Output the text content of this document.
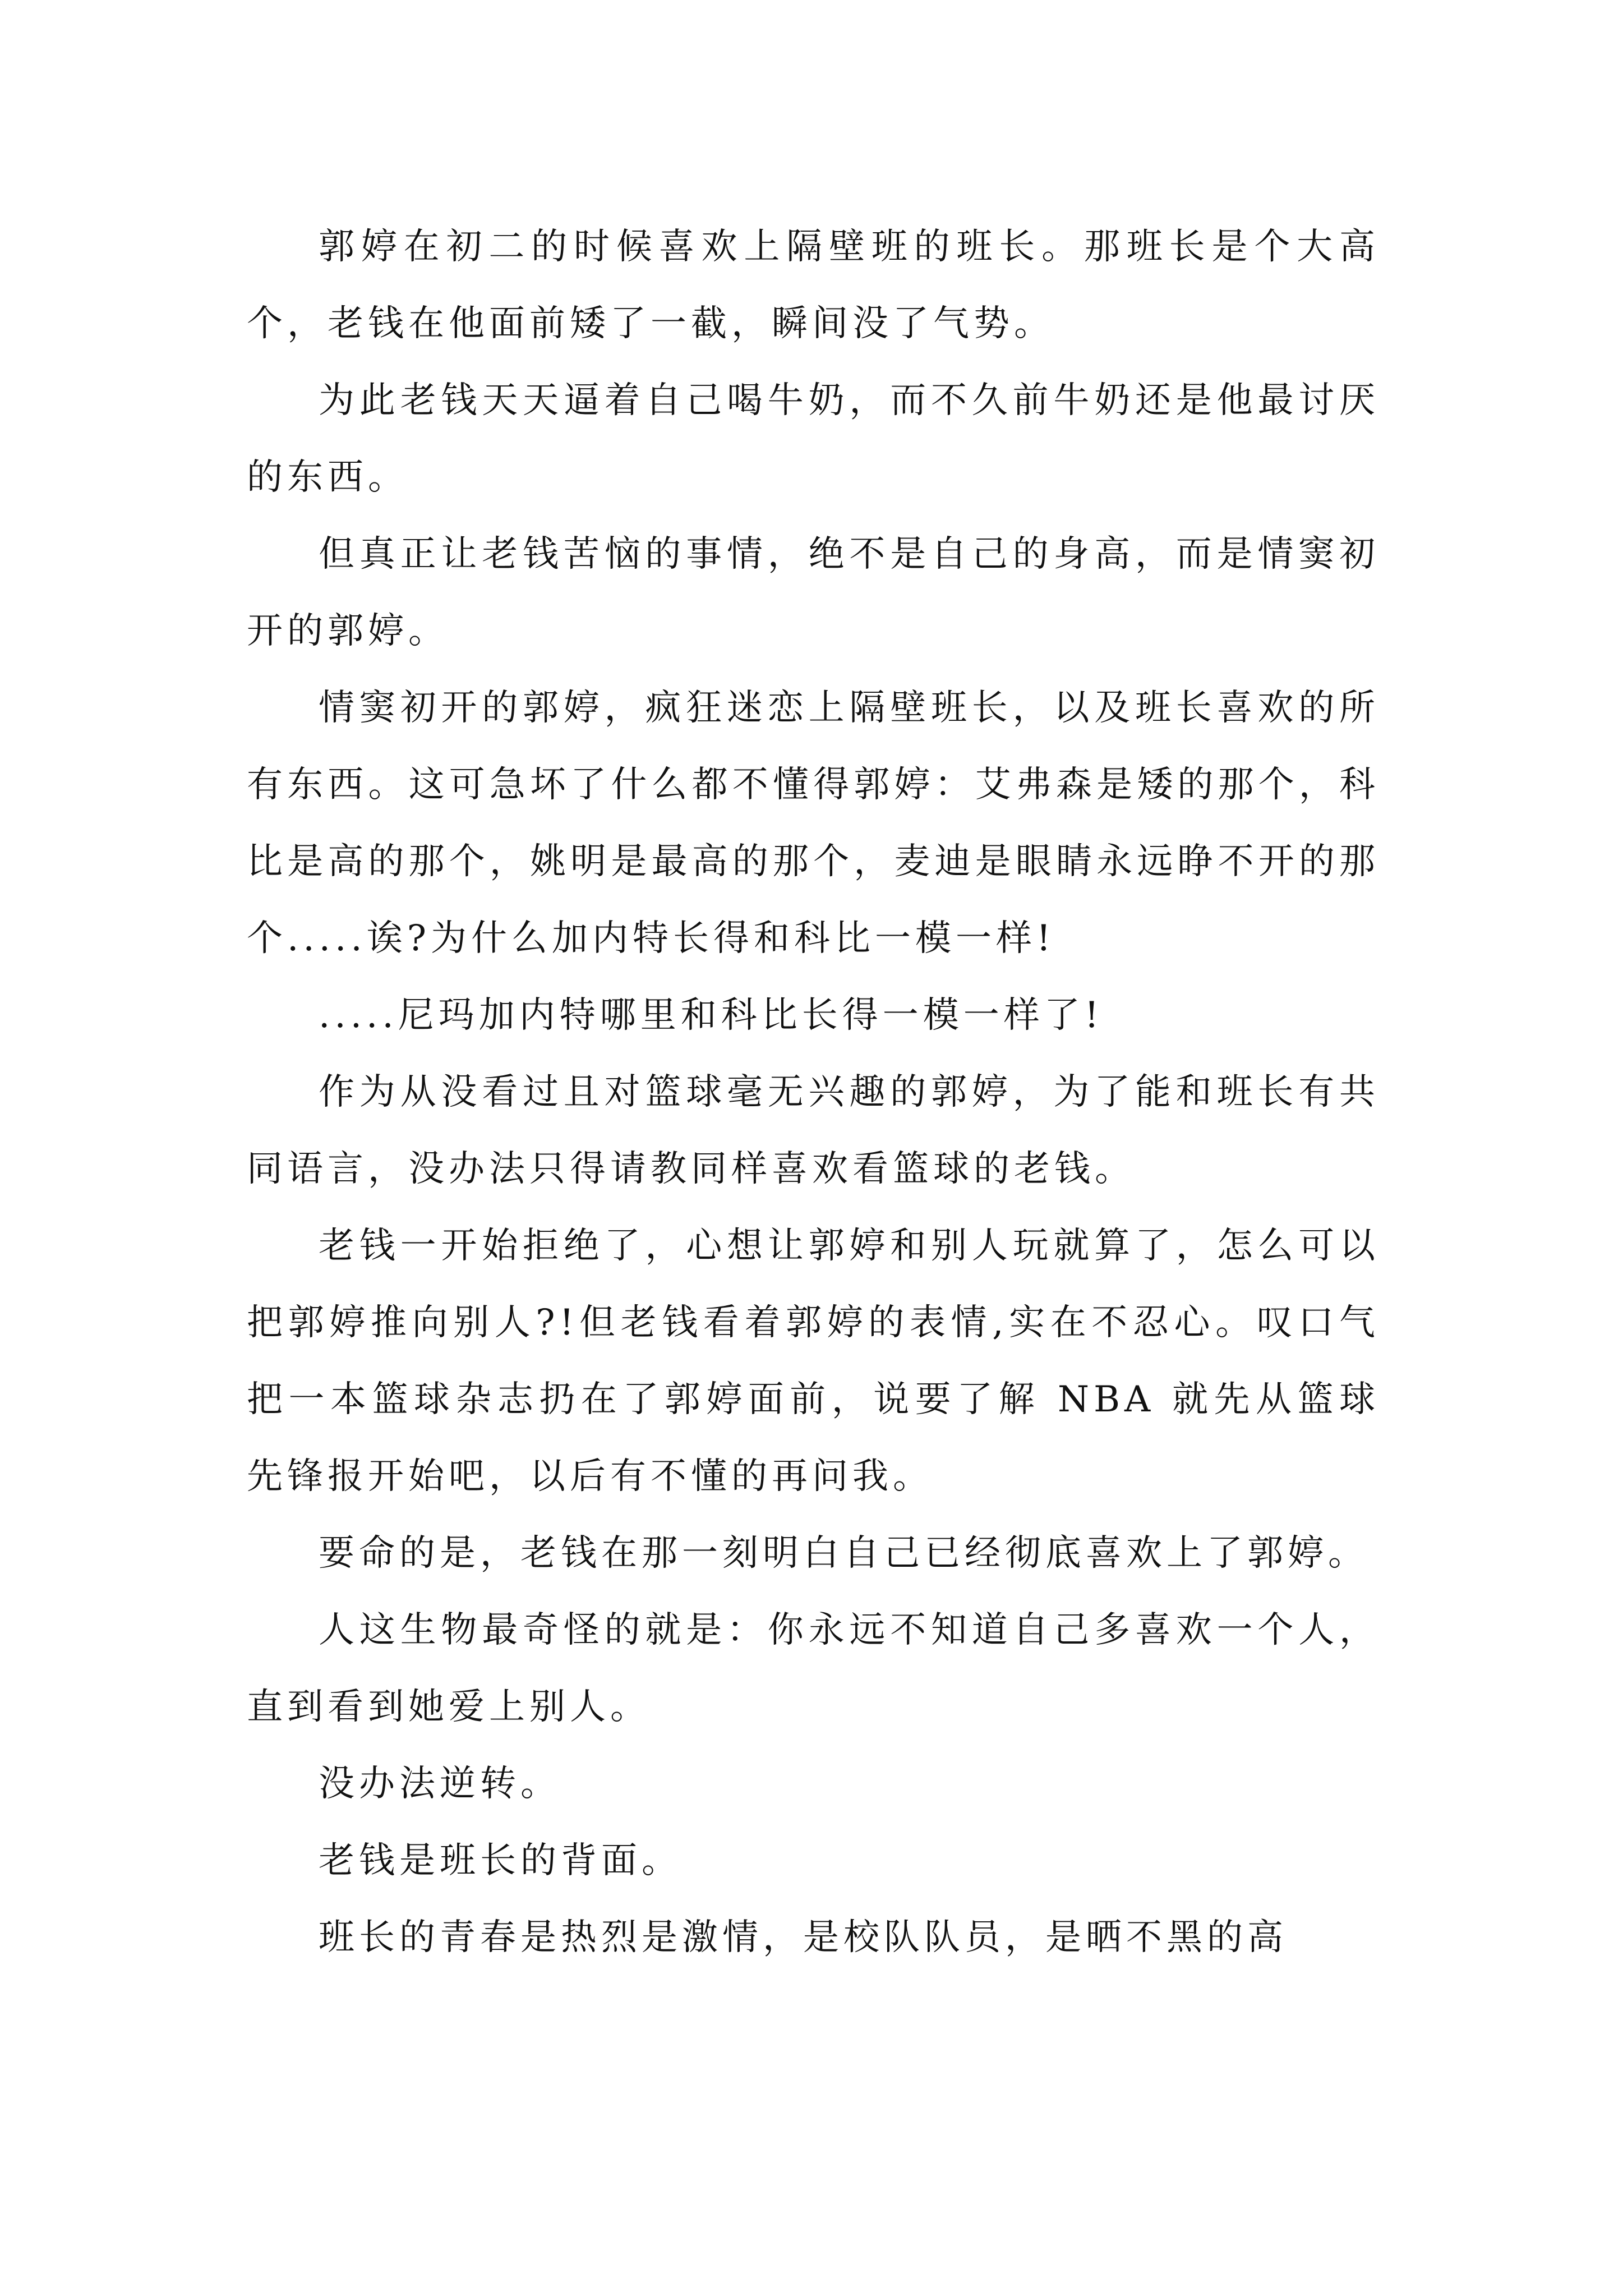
郭婷在初二的时候喜欢上隔壁班的班长。那班长是个大高个，老钱在他面前矮了一截，瞬间没了气势。

为此老钱天天逼着自己喝牛奶，而不久前牛奶还是他最讨厌的东西。

但真正让老钱苦恼的事情，绝不是自己的身高，而是情窦初开的郭婷。

情窦初开的郭婷，疯狂迷恋上隔壁班长，以及班长喜欢的所有东西。这可急坏了什么都不懂得郭婷：艾弗森是矮的那个，科比是高的那个，姚明是最高的那个，麦迪是眼睛永远睁不开的那个.....诶?为什么加内特长得和科比一模一样!

.....尼玛加内特哪里和科比长得一模一样了!

作为从没看过且对篮球毫无兴趣的郭婷，为了能和班长有共同语言，没办法只得请教同样喜欢看篮球的老钱。

老钱一开始拒绝了，心想让郭婷和别人玩就算了，怎么可以把郭婷推向别人?!但老钱看着郭婷的表情,实在不忍心。叹口气把一本篮球杂志扔在了郭婷面前，说要了解 NBA 就先从篮球先锋报开始吧，以后有不懂的再问我。

要命的是，老钱在那一刻明白自己已经彻底喜欢上了郭婷。

人这生物最奇怪的就是：你永远不知道自己多喜欢一个人，直到看到她爱上别人。

没办法逆转。

老钱是班长的背面。

班长的青春是热烈是激情，是校队队员，是晒不黑的高
